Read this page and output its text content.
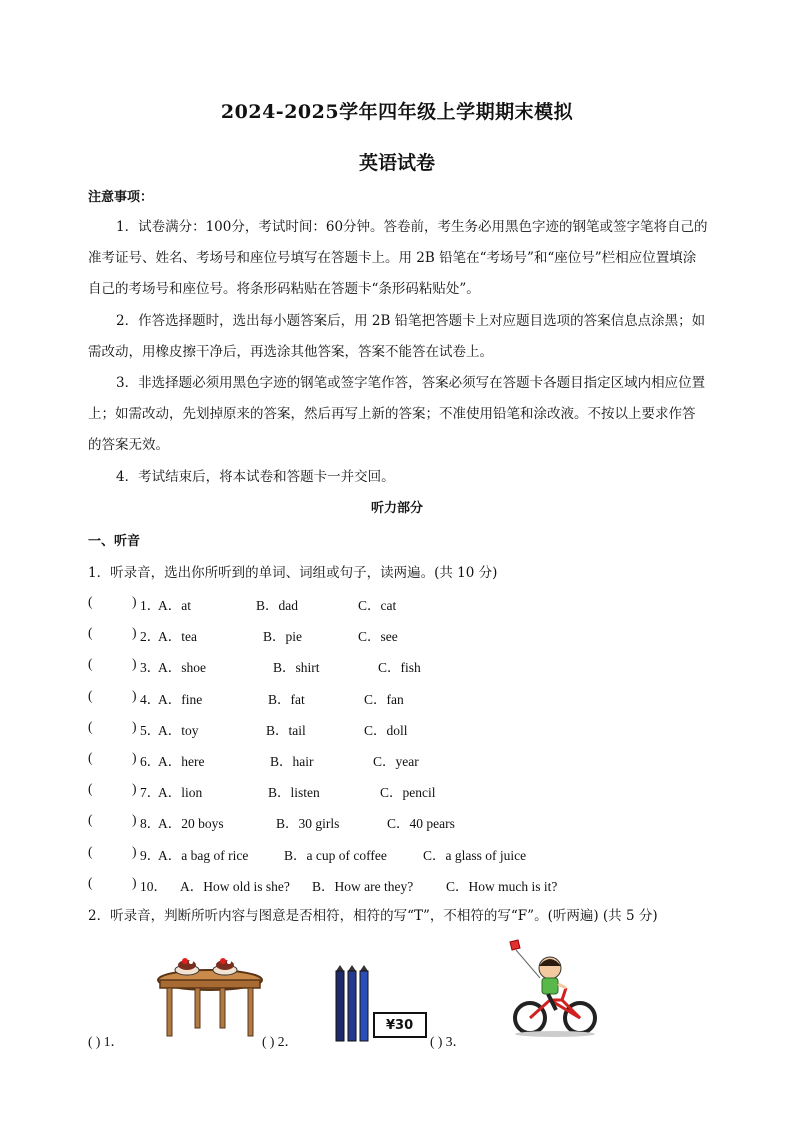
2024-2025学年四年级上学期期末模拟
英语试卷
注意事项：
1．试卷满分：100分，考试时间：60分钟。答卷前，考生务必用黑色字迹的钢笔或签字笔将自己的准考证号、姓名、考场号和座位号填写在答题卡上。用 2B 铅笔在“考场号”和“座位号”栏相应位置填涂自己的考场号和座位号。将条形码粘贴在答题卡“条形码粘贴处”。
2．作答选择题时，选出每小题答案后，用 2B 铅笔把答题卡上对应题目选项的答案信息点涂黑；如需改动，用橡皮擦干净后，再选涂其他答案，答案不能答在试卷上。
3．非选择题必须用黑色字迹的钢笔或签字笔作答，答案必须写在答题卡各题目指定区域内相应位置上；如需改动，先划掉原来的答案，然后再写上新的答案；不准使用铅笔和涂改液。不按以上要求作答的答案无效。
4．考试结束后，将本试卷和答题卡一并交回。
听力部分
一、听音
1．听录音，选出你所听到的单词、词组或句子，读两遍。(共 10 分)
(	) 1．
A．at	B．dad	C．cat
(	) 2．
A．tea	B．pie	C．see
(	) 3．
A．shoe	B．shirt	C．fish
(	) 4．
A．fine	B．fat	C．fan
(	) 5．
A．toy	B．tail	C．doll
(	) 6．
A．here	B．hair	C．year
(	) 7．
A．lion	B．listen	C．pencil
(	) 8．
A．20 boys	B．30 girls	C．40 pears
(	) 9．
A．a bag of rice	B．a cup of coffee	C．a glass of juice
(	) 10． A．How old is she? B．How are they? C．How much is it?
2．听录音，判断所听内容与图意是否相符，相符的写“T”，不相符的写“F”。(听两遍) (共 5 分)
( ) 1．	( ) 2．
¥30
( ) 3．
